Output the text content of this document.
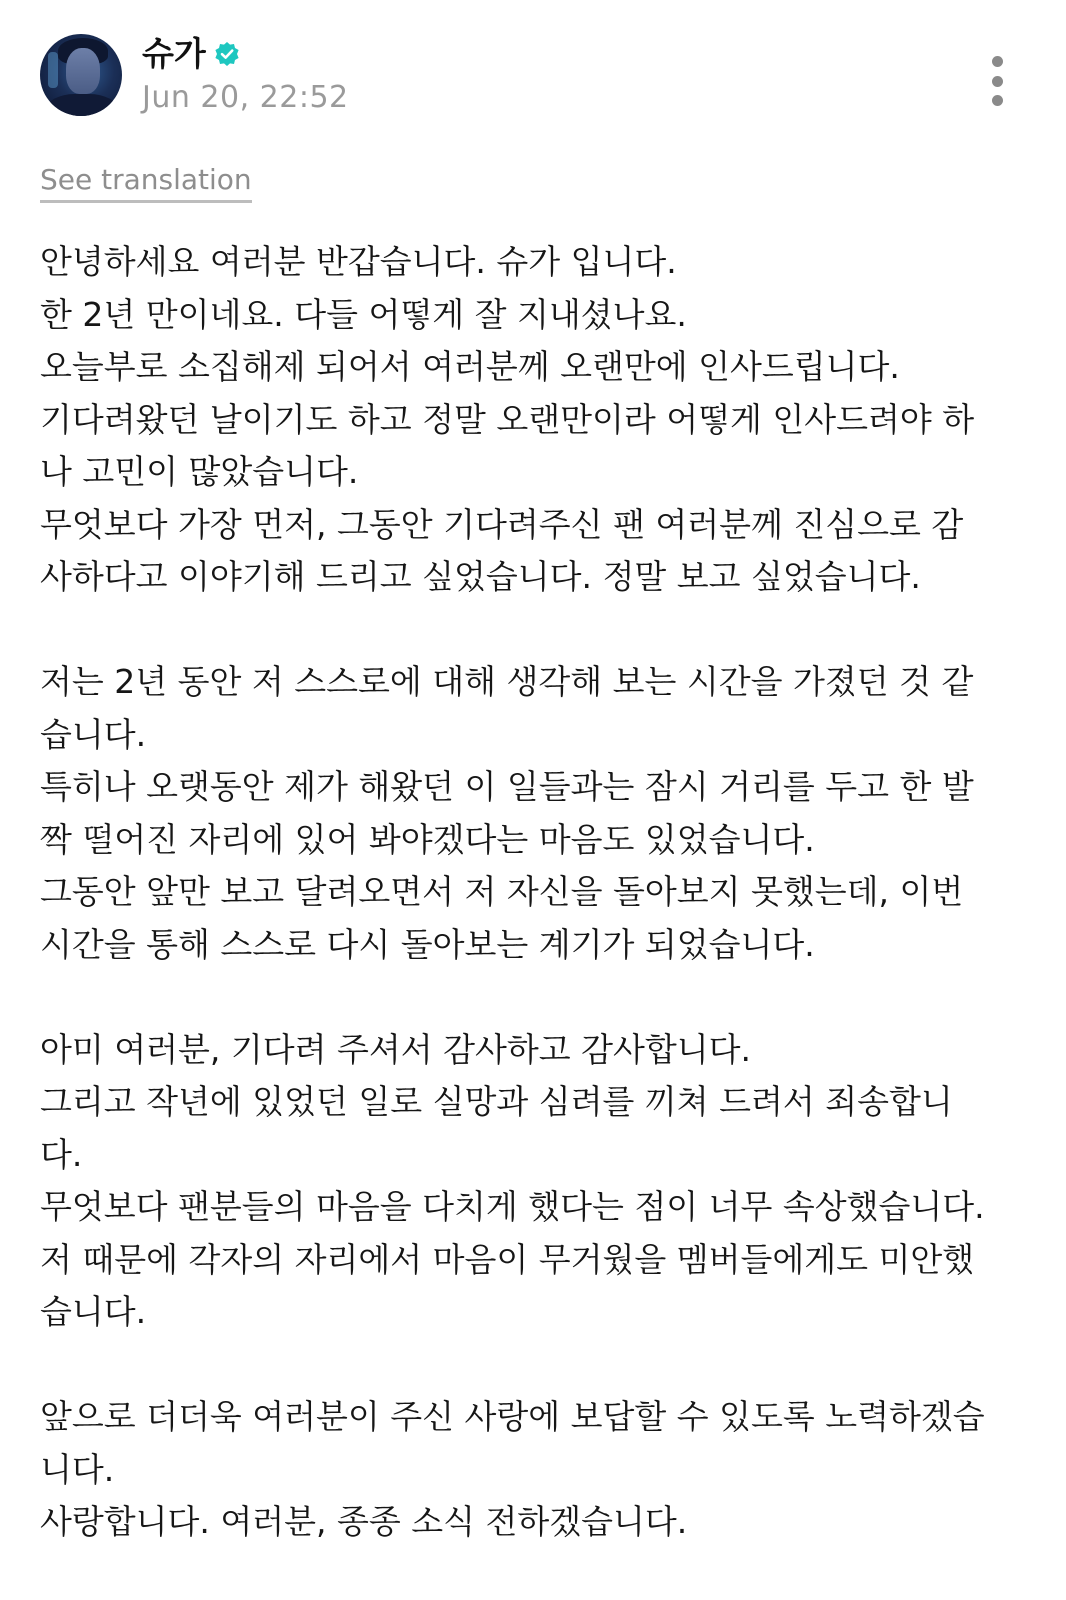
슈가
Jun 20, 22:52
See translation
안녕하세요 여러분 반갑습니다. 슈가 입니다.
한 2년 만이네요. 다들 어떻게 잘 지내셨나요.
오늘부로 소집해제 되어서 여러분께 오랜만에 인사드립니다.
기다려왔던 날이기도 하고 정말 오랜만이라 어떻게 인사드려야 하
나 고민이 많았습니다.
무엇보다 가장 먼저, 그동안 기다려주신 팬 여러분께 진심으로 감
사하다고 이야기해 드리고 싶었습니다. 정말 보고 싶었습니다.
저는 2년 동안 저 스스로에 대해 생각해 보는 시간을 가졌던 것 같
습니다.
특히나 오랫동안 제가 해왔던 이 일들과는 잠시 거리를 두고 한 발
짝 떨어진 자리에 있어 봐야겠다는 마음도 있었습니다.
그동안 앞만 보고 달려오면서 저 자신을 돌아보지 못했는데, 이번
시간을 통해 스스로 다시 돌아보는 계기가 되었습니다.
아미 여러분, 기다려 주셔서 감사하고 감사합니다.
그리고 작년에 있었던 일로 실망과 심려를 끼쳐 드려서 죄송합니
다.
무엇보다 팬분들의 마음을 다치게 했다는 점이 너무 속상했습니다.
저 때문에 각자의 자리에서 마음이 무거웠을 멤버들에게도 미안했
습니다.
앞으로 더더욱 여러분이 주신 사랑에 보답할 수 있도록 노력하겠습
니다.
사랑합니다. 여러분, 종종 소식 전하겠습니다.
